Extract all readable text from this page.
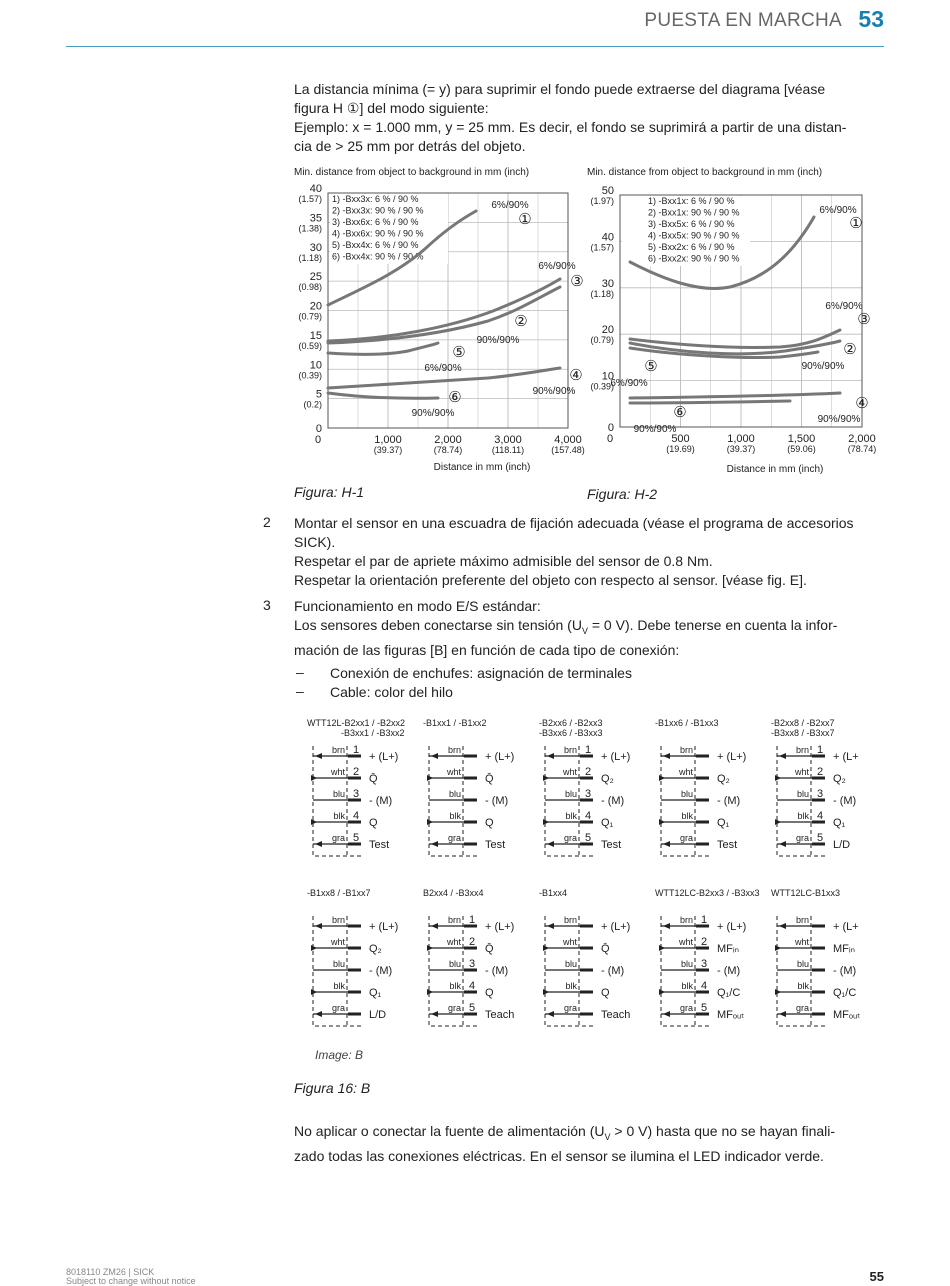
PUESTA EN MARCHA 53
La distancia mínima (= y) para suprimir el fondo puede extraerse del diagrama [véase
figura H ①] del modo siguiente:
Ejemplo: x = 1.000 mm, y = 25 mm. Es decir, el fondo se suprimirá a partir de una distan-
cia de > 25 mm por detrás del objeto.
40
(1.57)
35
(1.38)
30
(1.18)
25
(0.98)
20
(0.79)
15
(0.59)
10
(0.39)
5
(0.2)
0
0	1,000
(39.37)
2,000
(78.74)
3,000
(118.11)
4,000
(157.48)
1) -Bxx3x: 6 % / 90 %
2) -Bxx3x: 90 % / 90 %
3) -Bxx6x: 6 % / 90 %
4) -Bxx6x: 90 % / 90 %
5) -Bxx4x: 6 % / 90 %
6) -Bxx4x: 90 % / 90 %
6%/90%
①
90%/90%
②
6%/90%
③
90%/90%
④
6%/90%
⑤
90%/90%
⑥
Min. distance from object to background in mm (inch)
Distance in mm (inch)
50
(1.97)
40
(1.57)
30
(1.18)
20
(0.79)
10
(0.39)
0
0	500
(19.69)
1,000
(39.37)
1,500
(59.06)
2,000
(78.74)
1) -Bxx1x: 6 % / 90 %
2) -Bxx1x: 90 % / 90 %
3) -Bxx5x: 6 % / 90 %
4) -Bxx5x: 90 % / 90 %
5) -Bxx2x: 6 % / 90 %
6) -Bxx2x: 90 % / 90 %
6%/90%
①
90%/90%
②
6%/90%
③
90%/90%
④
6%/90%
⑤
90%/90%
⑥
Min. distance from object to background in mm (inch)
Distance in mm (inch)
Figura: H-1	Figura: H-2
2 Montar el sensor en una escuadra de fijación adecuada (véase el programa de accesorios
SICK).
Respetar el par de apriete máximo admisible del sensor de 0.8 Nm.
Respetar la orientación preferente del objeto con respecto al sensor. [véase fig. E].
3 Funcionamiento en modo E/S estándar:
Los sensores deben conectarse sin tensión ($U_V = 0$ V). Debe tenerse en cuenta la infor-
mación de las figuras [B] en función de cada tipo de conexión:
– Conexión de enchufes: asignación de terminales
– Cable: color del hilo
WTT12L-B2xx1 / -B2xx2
-B3xx1 / -B3xx2
brn 1
+ (L+)
wht 2
Q̄
blu 3
- (M)
blk 4
Q
gra 5
Test
-B1xx1 / -B1xx2
brn
+ (L+)
wht
Q̄
blu
- (M)
blk
Q
gra
Test
-B2xx6 / -B2xx3
-B3xx6 / -B3xx3
brn 1
+ (L+)
wht 2
Q₂
blu 3
- (M)
blk 4
Q₁
gra 5
Test
-B1xx6 / -B1xx3
brn
+ (L+)
wht
Q₂
blu
- (M)
blk
Q₁
gra
Test
-B2xx8 / -B2xx7
-B3xx8 / -B3xx7
brn 1
+ (L+
wht 2
Q₂
blu 3
- (M)
blk 4
Q₁
gra 5
L/D
-B1xx8 / -B1xx7
brn
+ (L+)
wht
Q₂
blu
- (M)
blk
Q₁
gra
L/D
B2xx4 / -B3xx4
brn 1
+ (L+)
wht 2
Q̄
blu 3
- (M)
blk 4
Q
gra 5
Teach
-B1xx4
brn
+ (L+)
wht
Q̄
blu
- (M)
blk
Q
gra
Teach
WTT12LC-B2xx3 / -B3xx3
brn 1
+ (L+)
wht 2
MFᵢₙ
blu 3
- (M)
blk 4
Q₁/C
gra 5
MFₒᵤₜ
WTT12LC-B1xx3
brn
+ (L+
wht
MFᵢₙ
blu
- (M)
blk
Q₁/C
gra
MFₒᵤₜ
Image: B
Figura 16: B
No aplicar o conectar la fuente de alimentación ($U_V > 0$ V) hasta que no se hayan finali-
zado todas las conexiones eléctricas. En el sensor se ilumina el LED indicador verde.
8018110 ZM26 | SICK
Subject to change without notice	55
